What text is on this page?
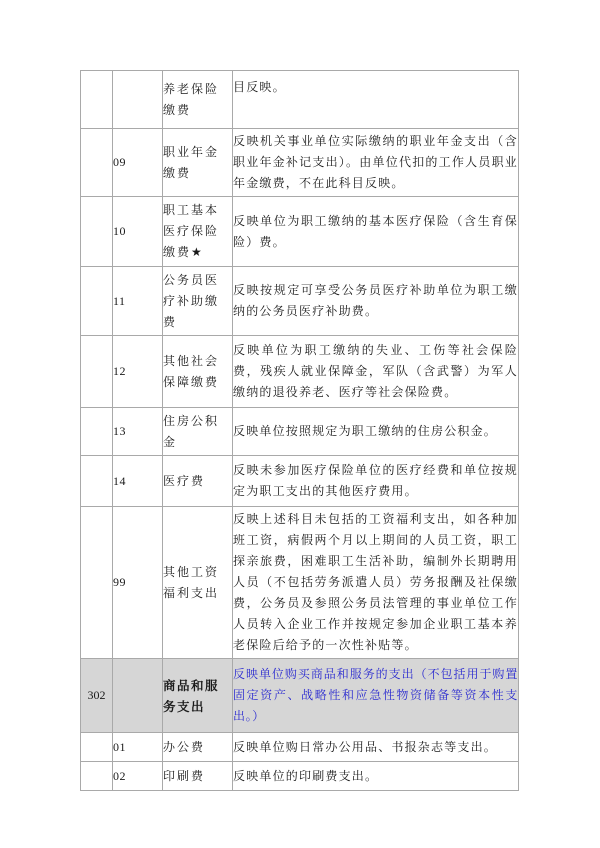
		养老保险缴费	目反映。
	09	职业年金缴费	反映机关事业单位实际缴纳的职业年金支出（含职业年金补记支出）。由单位代扣的工作人员职业年金缴费，不在此科目反映。
	10	职工基本医疗保险缴费★	反映单位为职工缴纳的基本医疗保险（含生育保险）费。
	11	公务员医疗补助缴费	反映按规定可享受公务员医疗补助单位为职工缴纳的公务员医疗补助费。
	12	其他社会保障缴费	反映单位为职工缴纳的失业、工伤等社会保险费，残疾人就业保障金，军队（含武警）为军人缴纳的退役养老、医疗等社会保险费。
	13	住房公积金	反映单位按照规定为职工缴纳的住房公积金。
	14	医疗费	反映未参加医疗保险单位的医疗经费和单位按规定为职工支出的其他医疗费用。
	99	其他工资福利支出	反映上述科目未包括的工资福利支出，如各种加班工资，病假两个月以上期间的人员工资，职工探亲旅费，困难职工生活补助，编制外长期聘用人员（不包括劳务派遣人员）劳务报酬及社保缴费，公务员及参照公务员法管理的事业单位工作人员转入企业工作并按规定参加企业职工基本养老保险后给予的一次性补贴等。
302		商品和服务支出	反映单位购买商品和服务的支出（不包括用于购置固定资产、战略性和应急性物资储备等资本性支出。）
	01	办公费	反映单位购日常办公用品、书报杂志等支出。
	02	印刷费	反映单位的印刷费支出。
